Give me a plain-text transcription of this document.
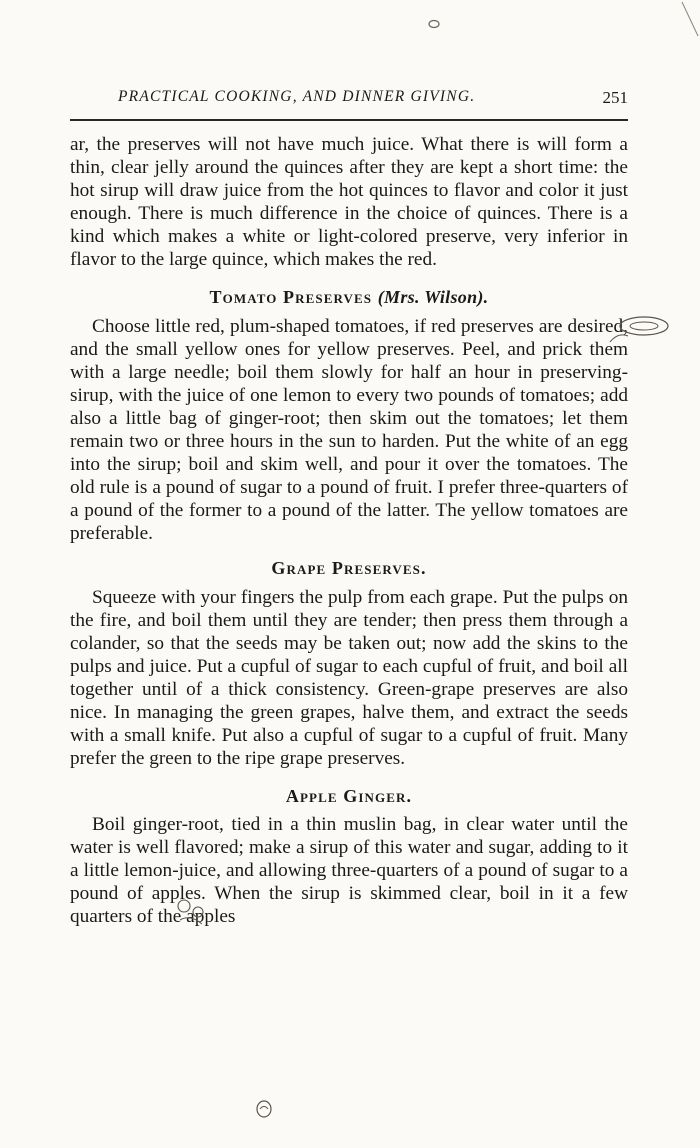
PRACTICAL COOKING, AND DINNER GIVING.	251

ar, the preserves will not have much juice. What there is will form a thin, clear jelly around the quinces after they are kept a short time: the hot sirup will draw juice from the hot quinces to flavor and color it just enough. There is much difference in the choice of quinces. There is a kind which makes a white or light-colored preserve, very inferior in flavor to the large quince, which makes the red.

Tomato Preserves (Mrs. Wilson).

Choose little red, plum-shaped tomatoes, if red preserves are desired, and the small yellow ones for yellow preserves. Peel, and prick them with a large needle; boil them slowly for half an hour in preserving-sirup, with the juice of one lemon to every two pounds of tomatoes; add also a little bag of ginger-root; then skim out the tomatoes; let them remain two or three hours in the sun to harden. Put the white of an egg into the sirup; boil and skim well, and pour it over the tomatoes. The old rule is a pound of sugar to a pound of fruit. I prefer three-quarters of a pound of the former to a pound of the latter. The yellow tomatoes are preferable.

Grape Preserves.

Squeeze with your fingers the pulp from each grape. Put the pulps on the fire, and boil them until they are tender; then press them through a colander, so that the seeds may be taken out; now add the skins to the pulps and juice. Put a cupful of sugar to each cupful of fruit, and boil all together until of a thick consistency. Green-grape preserves are also nice. In managing the green grapes, halve them, and extract the seeds with a small knife. Put also a cupful of sugar to a cupful of fruit. Many prefer the green to the ripe grape preserves.

Apple Ginger.

Boil ginger-root, tied in a thin muslin bag, in clear water until the water is well flavored; make a sirup of this water and sugar, adding to it a little lemon-juice, and allowing three-quarters of a pound of sugar to a pound of apples. When the sirup is skimmed clear, boil in it a few quarters of the apples
